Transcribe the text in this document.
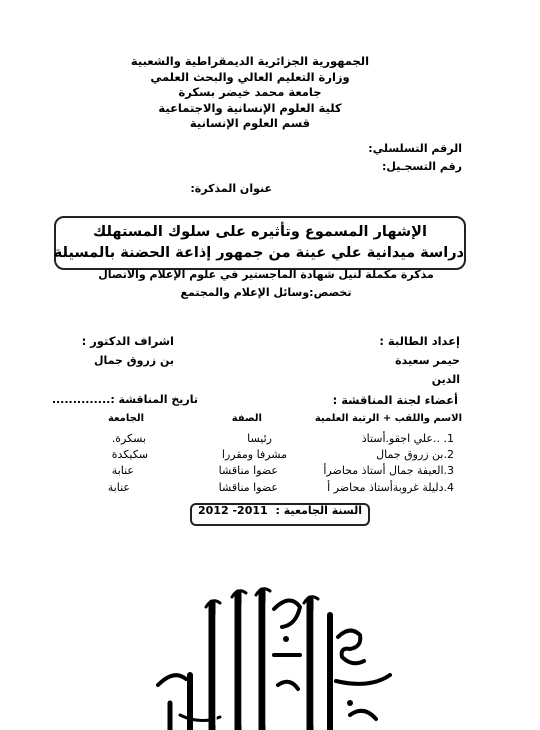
الجمهورية الجزائرية الديمقراطية والشعبية
وزارة التعليم العالي والبحث العلمي
جامعة محمد خيضر بسكرة
كلية العلوم الإنسانية والاجتماعية
قسم العلوم الإنسانية
الرقم التسلسلي:
رقم التسجـيل:
عنوان المذكرة:
الإشهار المسموع وتأثيره على سلوك المستهلك
دراسة ميدانية علي عينة من جمهور إذاعة الحضنة بالمسيلة
مذكرة مكملة لنيل شهادة الماجستير في علوم الإعلام والاتصال
تخصص:وسائل الإعلام والمجتمع
إعداد الطالبة :
اشراف الدكتور :
حيمر سعيدة
بن زروق جمال
الدين
أعضاء لجنة المناقشة :
تاريخ المناقشة :..............
الاسم واللقب + الرتبة العلمية
الصفة
الجامعة
1. ..علي اجقو.أستاذ
رئيسا
بسكرة.
2.بن زروق جمال
مشرفا ومقررا
سكيكدة
3.العيفة جمال أستاذ محاضرأ
عضوا مناقشا
عنابة
4.دليلة غروبةأستاذ محاضر أ
عضوا مناقشا
عنابة
السنة الجامعية : 2011- 2012
